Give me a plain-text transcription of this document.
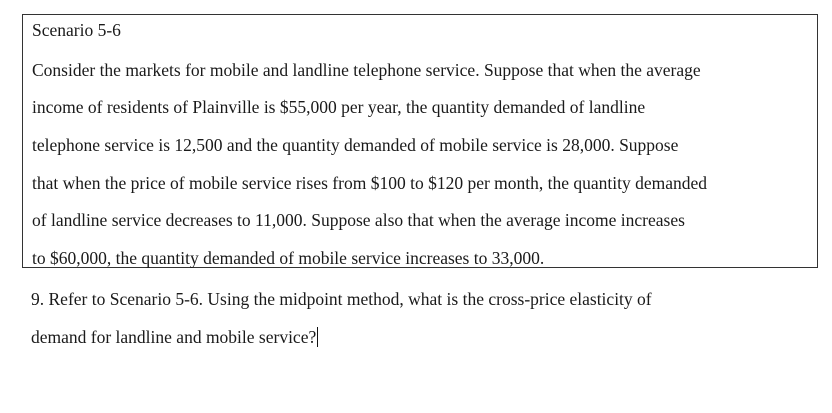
Scenario 5-6
Consider the markets for mobile and landline telephone service. Suppose that when the average
income of residents of Plainville is $55,000 per year, the quantity demanded of landline
telephone service is 12,500 and the quantity demanded of mobile service is 28,000. Suppose
that when the price of mobile service rises from $100 to $120 per month, the quantity demanded
of landline service decreases to 11,000. Suppose also that when the average income increases
to $60,000, the quantity demanded of mobile service increases to 33,000.
9. Refer to Scenario 5-6. Using the midpoint method, what is the cross-price elasticity of
demand for landline and mobile service?
